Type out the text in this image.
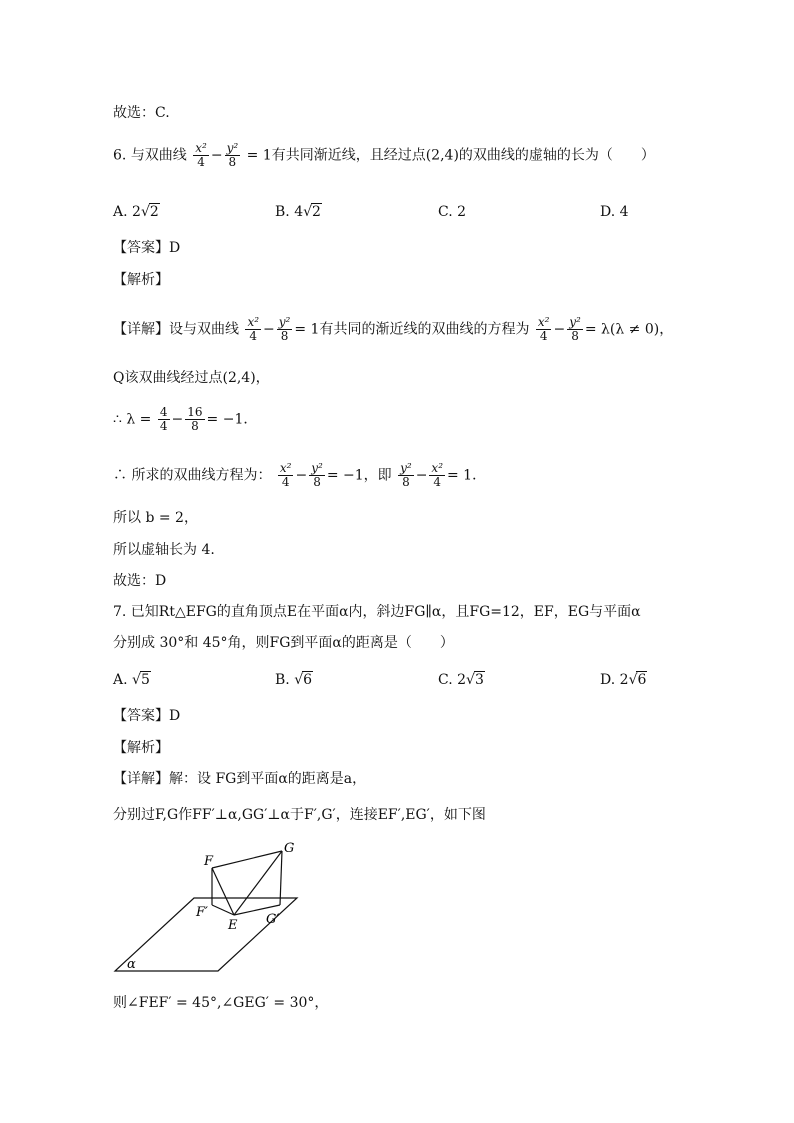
故选：C.
6. 与双曲线 $\frac{\text{x²}}{4} - \frac{\text{y²}}{8} = 1$有共同渐近线，且经过点(2,4)的双曲线的虚轴的长为（　　）
A. 2√2	B. 4√2	C. 2	D. 4
【答案】D
【解析】
【详解】设与双曲线 $\frac{\text{x²}}{4} - \frac{\text{y²}}{8} = 1$有共同的渐近线的双曲线的方程为 $\frac{\text{x²}}{4} - \frac{\text{y²}}{8} = \lambda(\lambda \ne 0)$，
Q该双曲线经过点(2,4)，
∴ $\lambda = \frac{4}{4} - \frac{16}{8} = -1$．
∴ 所求的双曲线方程为： $\frac{\text{x²}}{4} - \frac{\text{y²}}{8} = -1$，即 $\frac{\text{y²}}{8} - \frac{\text{x²}}{4} = 1$．
所以 b = 2，
所以虚轴长为 4.
故选：D
7. 已知Rt△EFG的直角顶点E在平面α内，斜边FG∥α，且FG=12，EF，EG与平面α
分别成 30°和 45°角，则FG到平面α的距离是（　　）
A. √5	B. √6	C. 2√3	D. 2√6
【答案】D
【解析】
【详解】解：设 FG到平面α的距离是a，
分别过F,G作FF′⊥α,GG′⊥α于F′,G′，连接EF′,EG′，如下图
F
G
F′	G′
E
α
则∠FEF′ = 45°,∠GEG′ = 30°，
